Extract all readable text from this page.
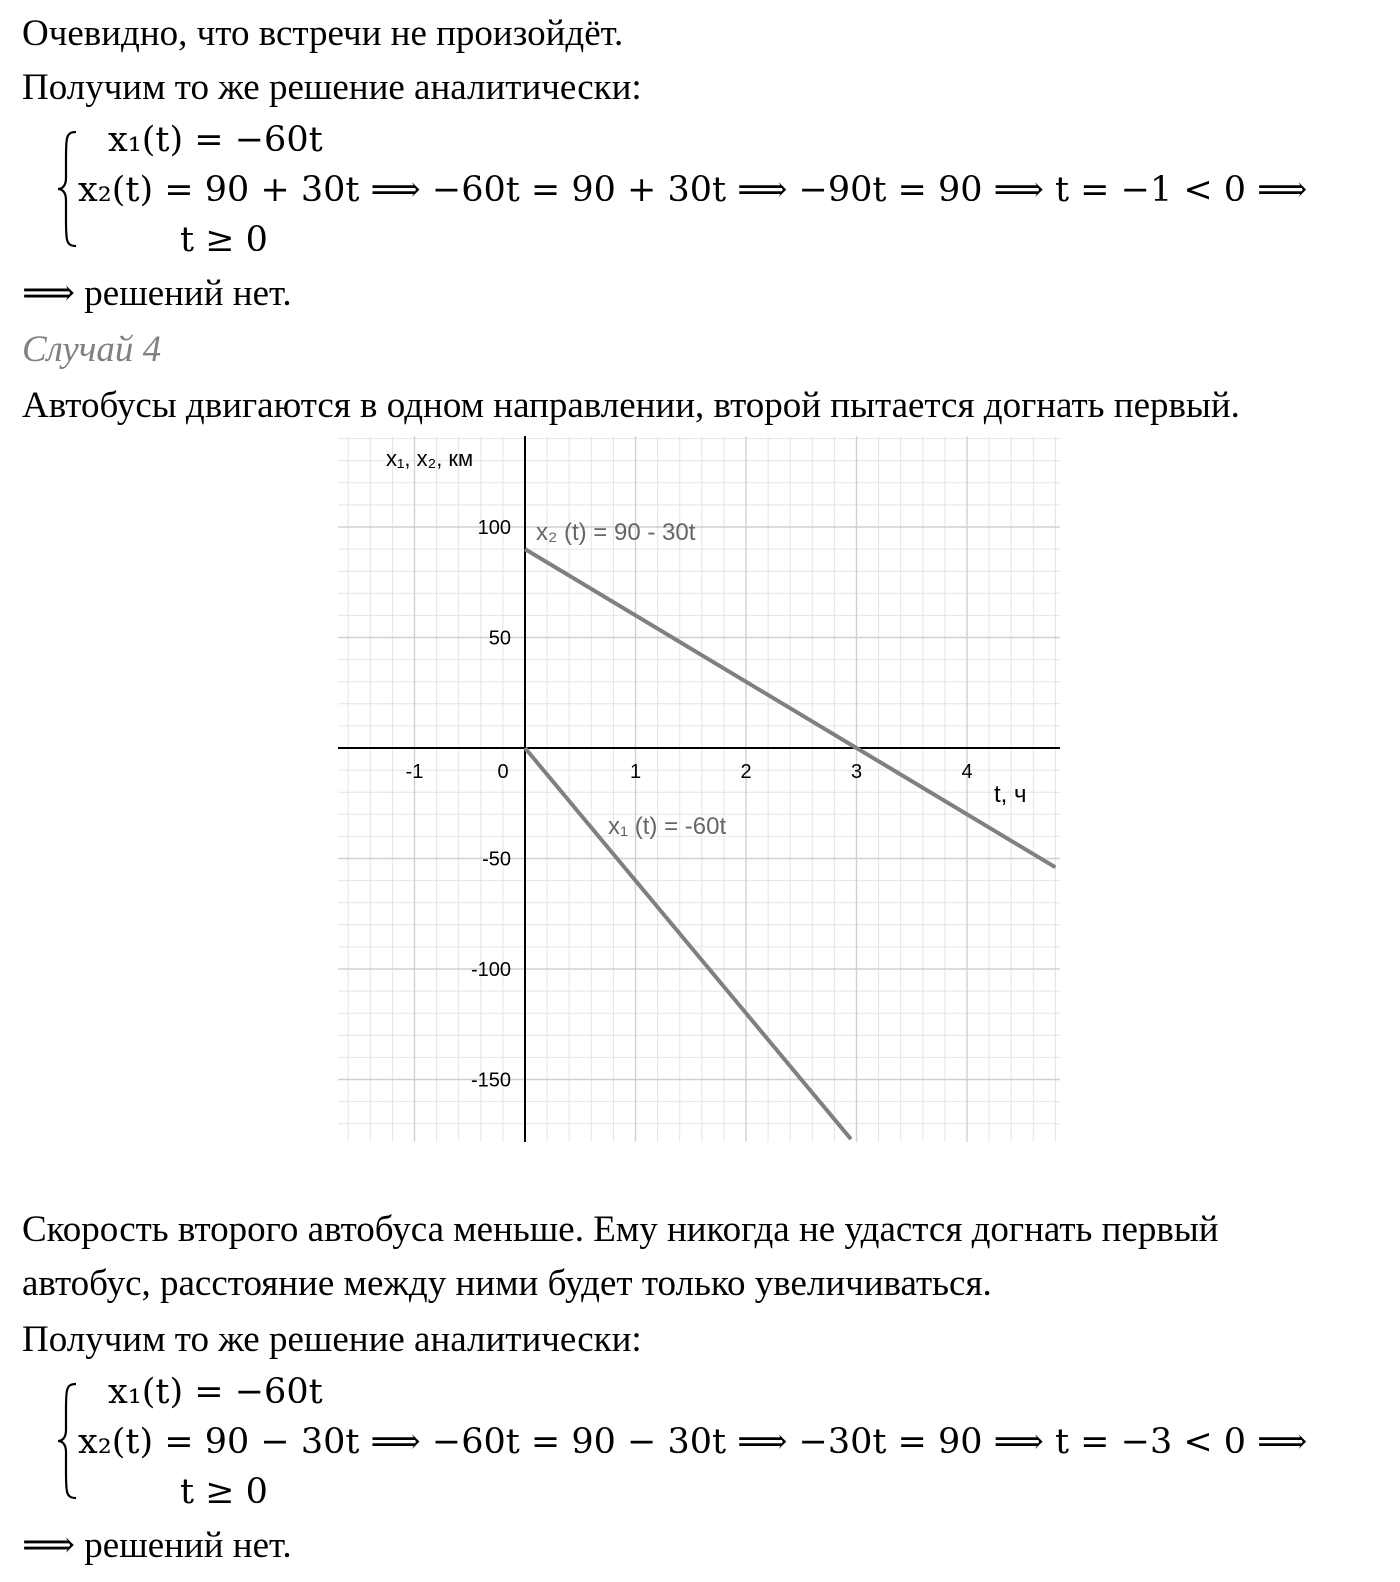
Очевидно, что встречи не произойдёт.
Получим то же решение аналитически:
x₁(t) = −60t
x₂(t) = 90 + 30t ⟹ −60t = 90 + 30t ⟹ −90t = 90 ⟹ t = −1 < 0 ⟹
t ≥ 0
⟹ решений нет.
Случай 4
Автобусы двигаются в одном направлении, второй пытается догнать первый.
-1	0	1	2	3	4
100
50
-50
-100
-150
x₁, x₂, км
t, ч
x₂ (t) = 90 - 30t
x₁ (t) = -60t
Скорость второго автобуса меньше. Ему никогда не удастся догнать первый
автобус, расстояние между ними будет только увеличиваться.
Получим то же решение аналитически:
x₁(t) = −60t
x₂(t) = 90 − 30t ⟹ −60t = 90 − 30t ⟹ −30t = 90 ⟹ t = −3 < 0 ⟹
t ≥ 0
⟹ решений нет.
